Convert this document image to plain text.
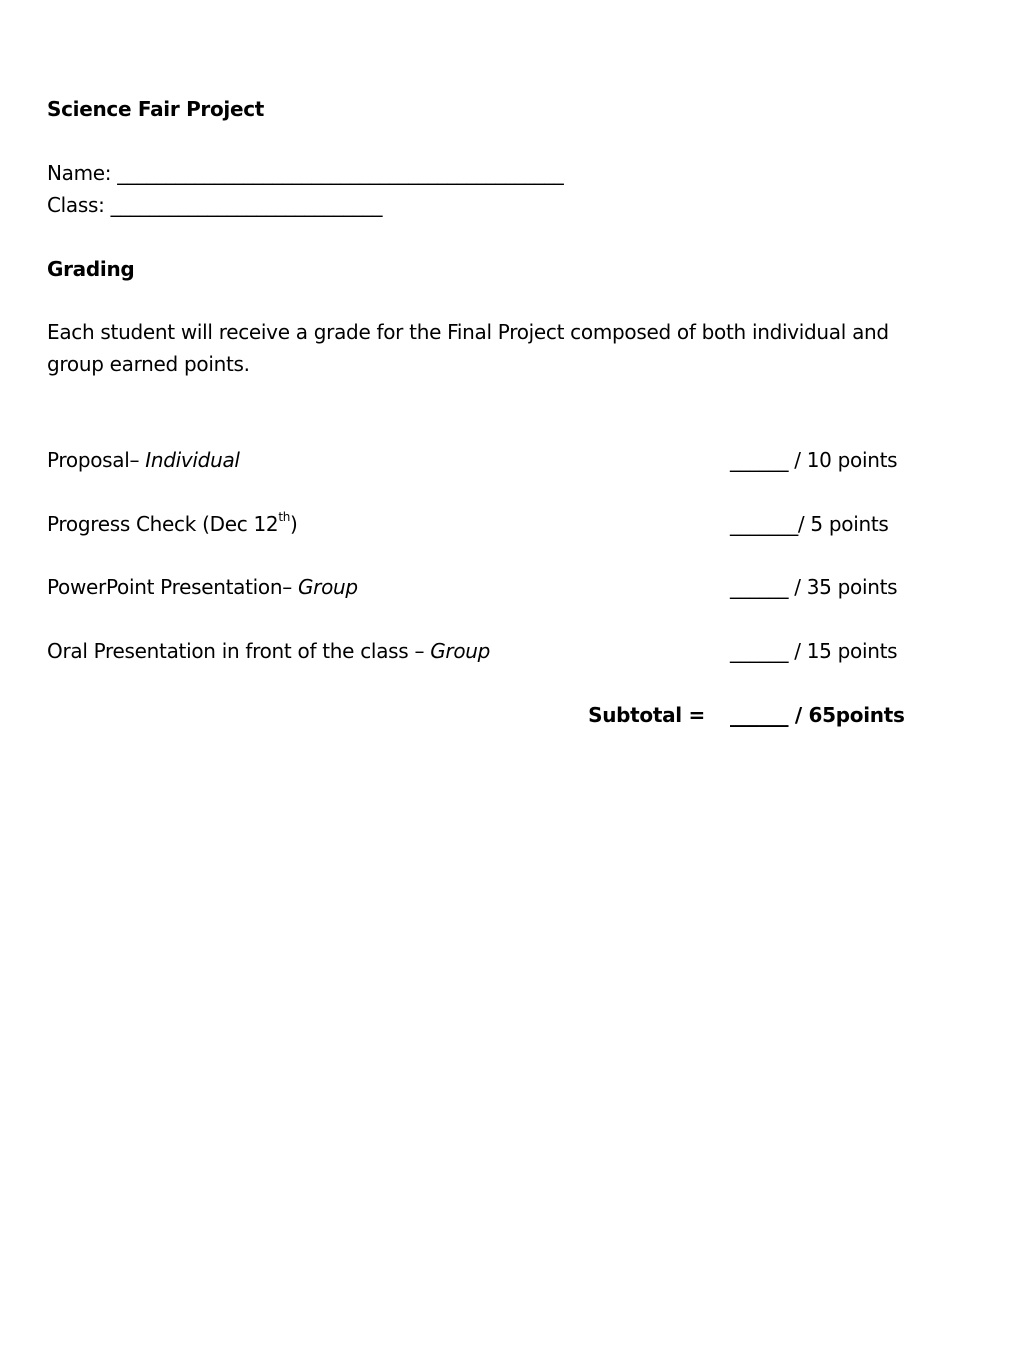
Science Fair Project
Name: ______________________________________________
Class: ____________________________
Grading
Each student will receive a grade for the Final Project composed of both individual and group earned points.
Proposal– Individual	______ / 10 points
Progress Check (Dec 12th)	_______/ 5 points
PowerPoint Presentation– Group	______ / 35 points
Oral Presentation in front of the class – Group	______ / 15 points
Subtotal = ______ / 65points
